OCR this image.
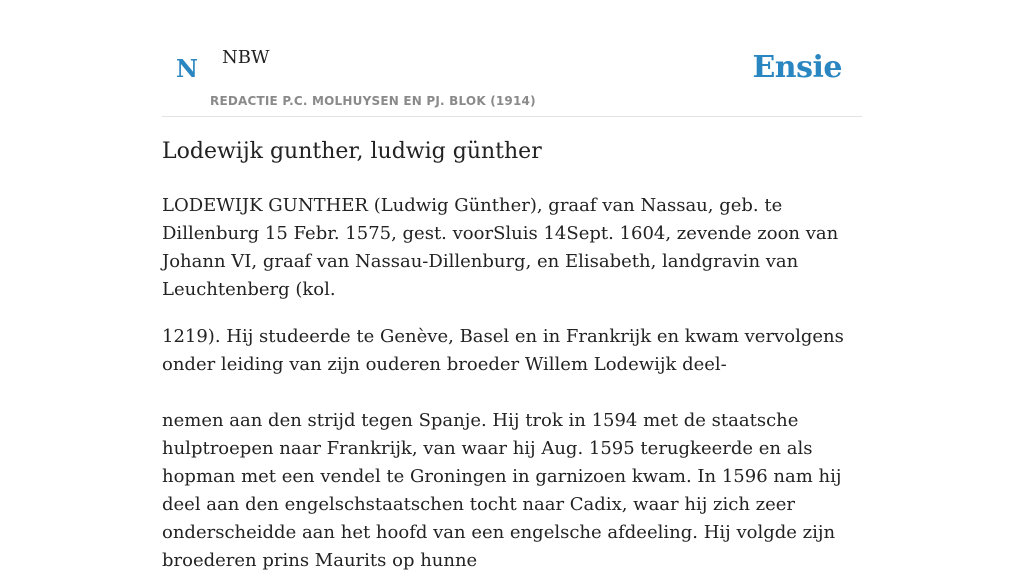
N NBW
REDACTIE P.C. MOLHUYSEN EN PJ. BLOK (1914)
Ensie
Lodewijk gunther, ludwig günther

LODEWIJK GUNTHER (Ludwig Günther), graaf van Nassau, geb. te Dillenburg 15 Febr. 1575, gest. voorSluis 14Sept. 1604, zevende zoon van Johann VI, graaf van Nassau-Dillenburg, en Elisabeth, landgravin van Leuchtenberg (kol.

1219). Hij studeerde te Genève, Basel en in Frankrijk en kwam vervolgens onder leiding van zijn ouderen broeder Willem Lodewijk deel-

nemen aan den strijd tegen Spanje. Hij trok in 1594 met de staatsche hulptroepen naar Frankrijk, van waar hij Aug. 1595 terugkeerde en als hopman met een vendel te Groningen in garnizoen kwam. In 1596 nam hij deel aan den engelschstaatschen tocht naar Cadix, waar hij zich zeer onderscheidde aan het hoofd van een engelsche afdeeling. Hij volgde zijn broederen prins Maurits op hunne
